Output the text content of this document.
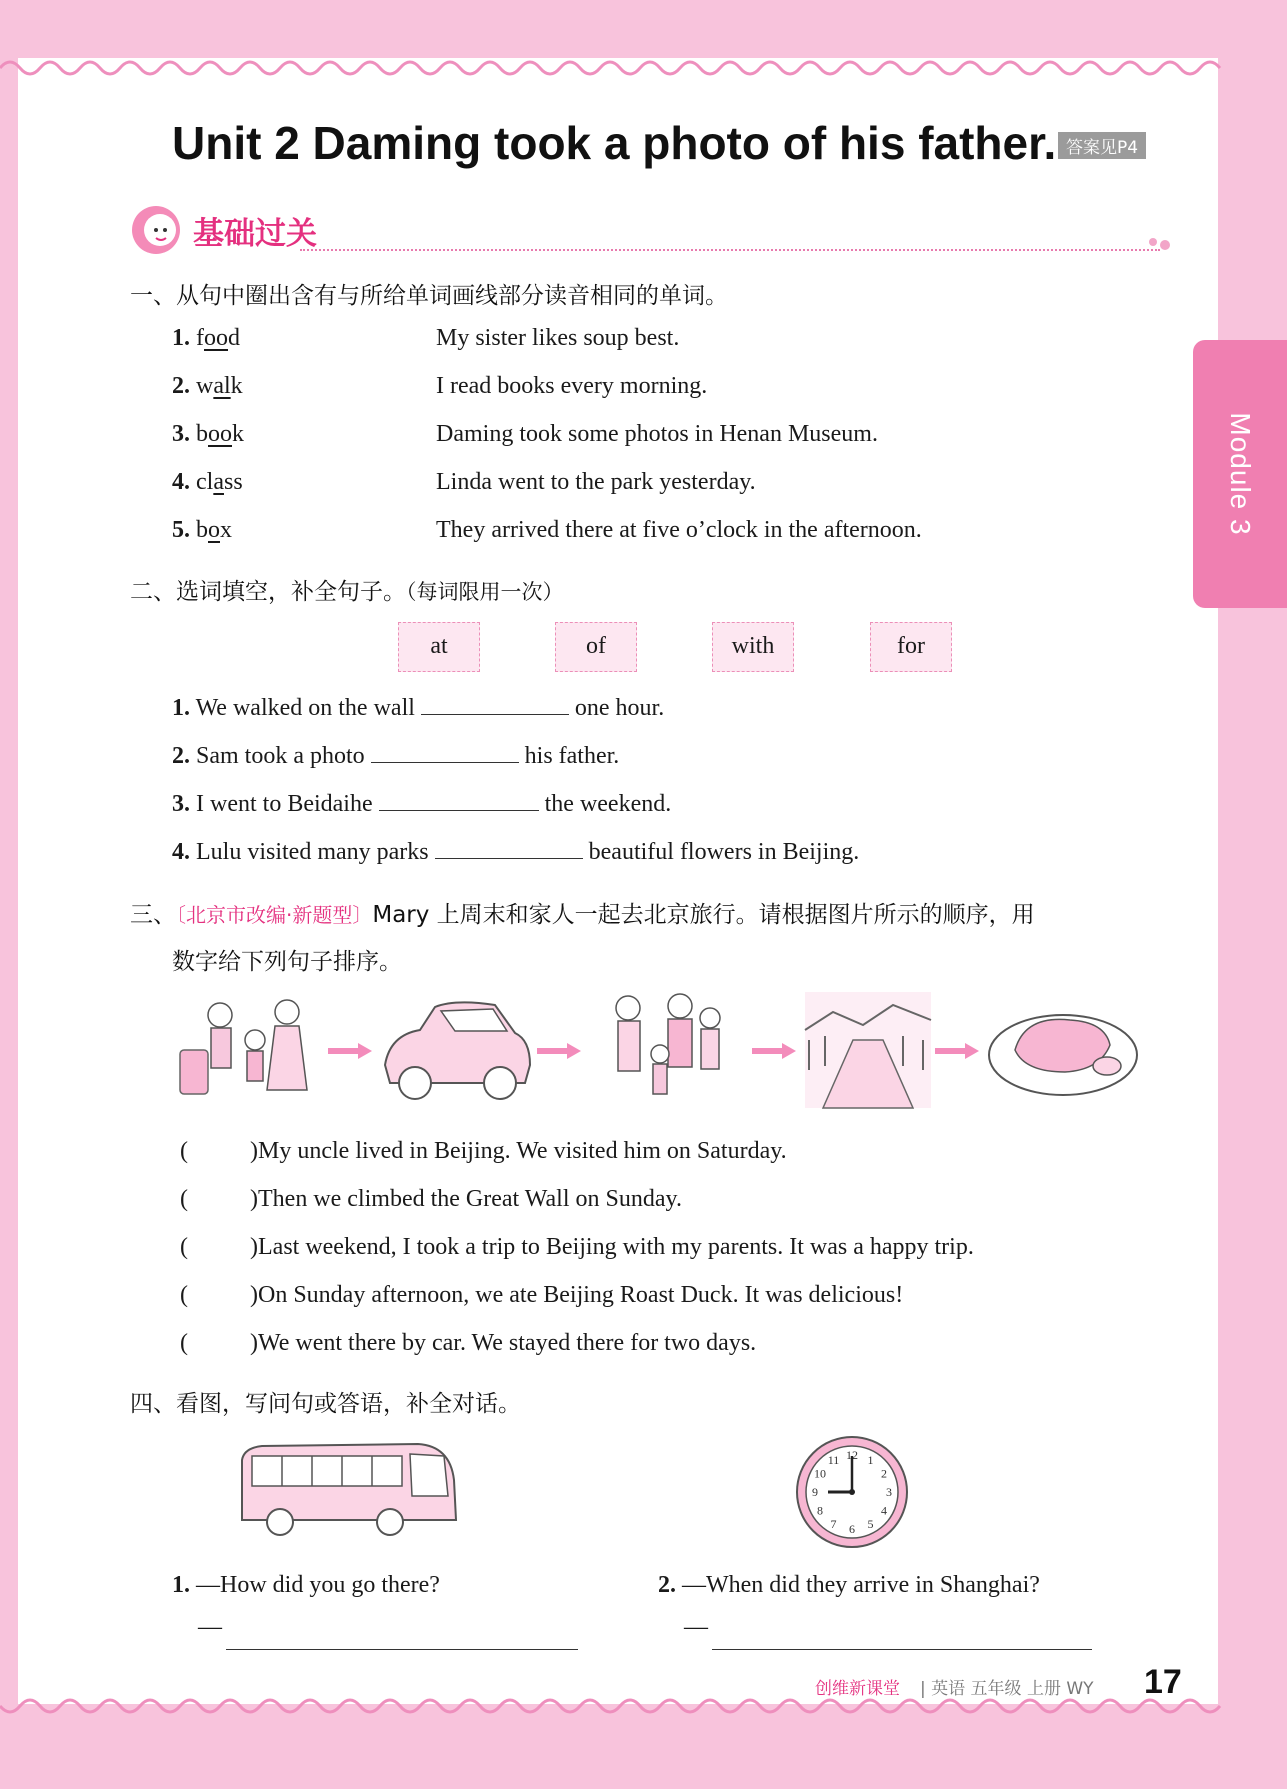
Module 3
Unit 2 Daming took a photo of his father. 答案见P4
基础过关
一、从句中圈出含有与所给单词画线部分读音相同的单词。
1. food	My sister likes soup best.
2. walk	I read books every morning.
3. book	Daming took some photos in Henan Museum.
4. class	Linda went to the park yesterday.
5. box	They arrived there at five o’clock in the afternoon.
二、选词填空，补全句子。（每词限用一次）
at	of	with	for
1. We walked on the wall	one hour.
2. Sam took a photo	his father.
3. I went to Beidaihe	the weekend.
4. Lulu visited many parks	beautiful flowers in Beijing.
三、〔北京市改编·新题型〕Mary 上周末和家人一起去北京旅行。请根据图片所示的顺序，用
数字给下列句子排序。
(	)My uncle lived in Beijing. We visited him on Saturday.
(	)Then we climbed the Great Wall on Sunday.
(	)Last weekend, I took a trip to Beijing with my parents. It was a happy trip.
(	)On Sunday afternoon, we ate Beijing Roast Duck. It was delicious!
(	)We went there by car. We stayed there for two days.
四、看图，写问句或答语，补全对话。
12 1
2
3
4
5
6
7
8
9
10
11
1. —How did you go there?
—
2. —When did they arrive in Shanghai?
—
创维新课堂 | 英语 五年级 上册 WY 17
